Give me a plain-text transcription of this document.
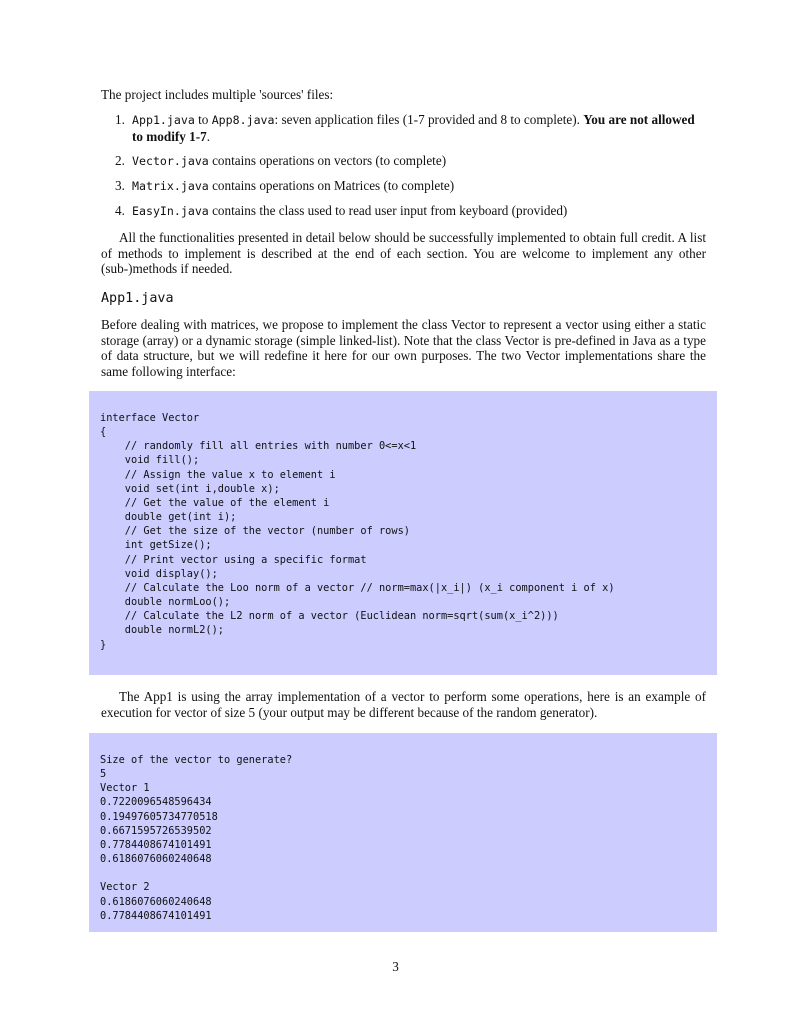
The project includes multiple 'sources' files:
1. App1.java to App8.java: seven application files (1-7 provided and 8 to complete). You are not allowed to modify 1-7.
2. Vector.java contains operations on vectors (to complete)
3. Matrix.java contains operations on Matrices (to complete)
4. EasyIn.java contains the class used to read user input from keyboard (provided)

All the functionalities presented in detail below should be successfully implemented to obtain full credit. A list of methods to implement is described at the end of each section. You are welcome to implement any other (sub-)methods if needed.

App1.java

Before dealing with matrices, we propose to implement the class Vector to represent a vector using either a static storage (array) or a dynamic storage (simple linked-list). Note that the class Vector is pre-defined in Java as a type of data structure, but we will redefine it here for our own purposes. The two Vector implementations share the same following interface:

interface Vector
{
// randomly fill all entries with number 0<=x<1
void fill();
// Assign the value x to element i
void set(int i,double x);
// Get the value of the element i
double get(int i);
// Get the size of the vector (number of rows)
int getSize();
// Print vector using a specific format
void display();
// Calculate the Loo norm of a vector // norm=max(|x_i|) (x_i component i of x)
double normLoo();
// Calculate the L2 norm of a vector (Euclidean norm=sqrt(sum(x_i^2)))
double normL2();
}

The App1 is using the array implementation of a vector to perform some operations, here is an example of execution for vector of size 5 (your output may be different because of the random generator).

Size of the vector to generate?
5
Vector 1
0.7220096548596434
0.19497605734770518
0.6671595726539502
0.7784408674101491
0.6186076060240648

Vector 2
0.6186076060240648
0.7784408674101491
3
